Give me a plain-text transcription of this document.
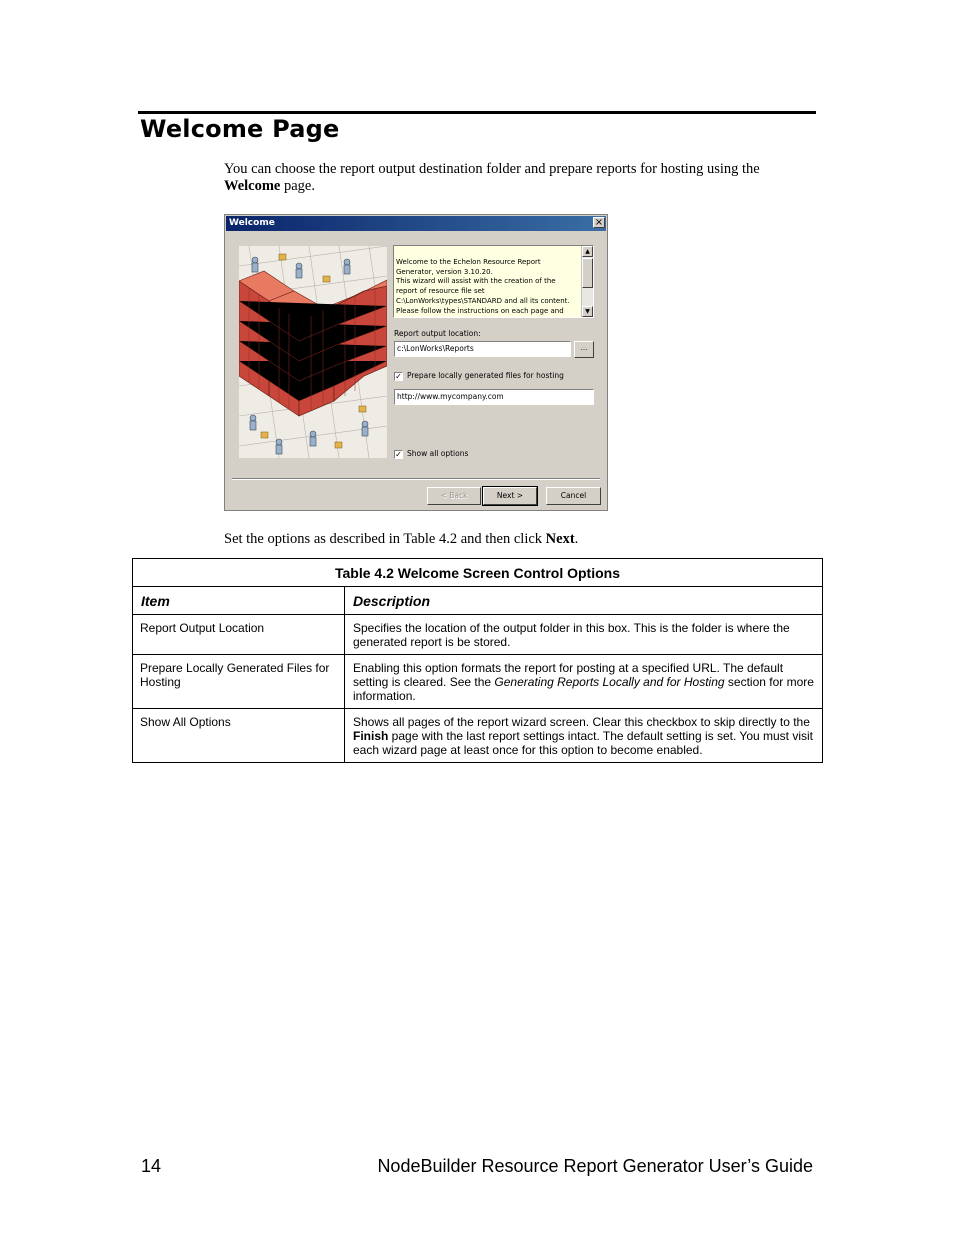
Welcome Page

You can choose the report output destination folder and prepare reports for hosting using the Welcome page.

Welcome	×

Welcome to the Echelon Resource Report Generator, version 3.10.20.
This wizard will assist with the creation of the report of resource file set C:\LonWorks\types\STANDARD and all its content. Please follow the instructions on each page and

▲

▼

Report output location:
c:\LonWorks\Reports	...
✓ Prepare locally generated files for hosting
http://www.mycompany.com
✓ Show all options
< Back	Next >	Cancel

Set the options as described in Table 4.2 and then click Next.

Table 4.2 Welcome Screen Control Options	
Item	Description
Report Output Location	Specifies the location of the output folder in this box. This is the folder is where the generated report is be stored.
Prepare Locally Generated Files for Hosting	Enabling this option formats the report for posting at a specified URL. The default setting is cleared. See the Generating Reports Locally and for Hosting section for more information.
Show All Options	Shows all pages of the report wizard screen. Clear this checkbox to skip directly to the Finish page with the last report settings intact. The default setting is set. You must visit each wizard page at least once for this option to become enabled.
14	NodeBuilder Resource Report Generator User’s Guide
